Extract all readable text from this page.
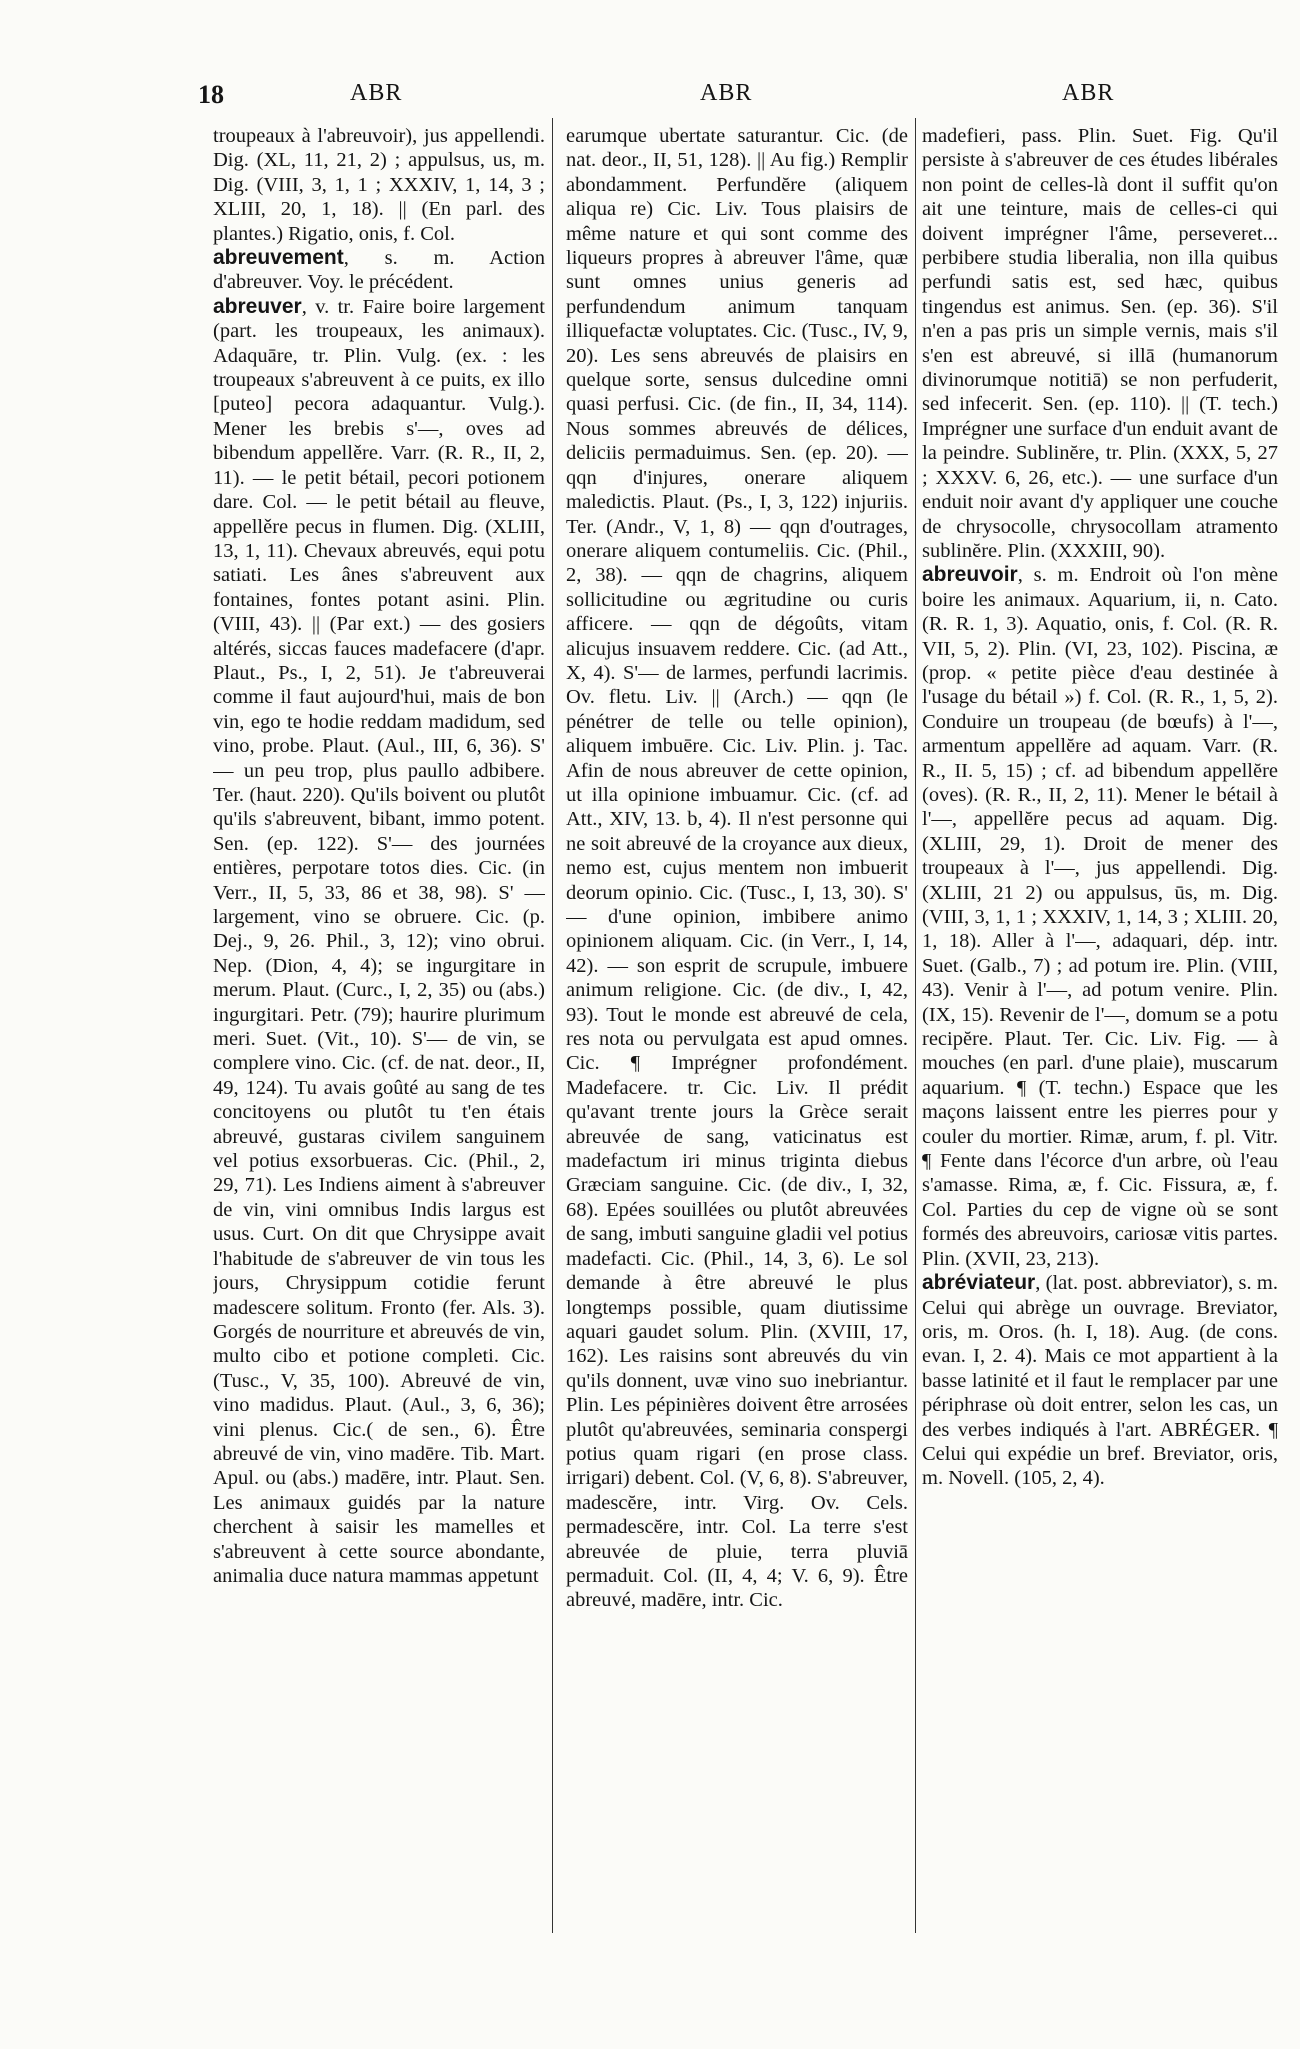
18	ABR	ABR	ABR

troupeaux à l'abreuvoir), jus appellendi. Dig. (XL, 11, 21, 2) ; appulsus, us, m. Dig. (VIII, 3, 1, 1 ; XXXIV, 1, 14, 3 ; XLIII, 20, 1, 18). || (En parl. des plantes.) Rigatio, onis, f. Col.

abreuvement, s. m. Action d'abreuver. Voy. le précédent.

abreuver, v. tr. Faire boire largement (part. les troupeaux, les animaux). Adaquāre, tr. Plin. Vulg. (ex. : les troupeaux s'abreuvent à ce puits, ex illo [puteo] pecora adaquantur. Vulg.). Mener les brebis s'—, oves ad bibendum appellěre. Varr. (R. R., II, 2, 11). — le petit bétail, pecori potionem dare. Col. — le petit bétail au fleuve, appellěre pecus in flumen. Dig. (XLIII, 13, 1, 11). Chevaux abreuvés, equi potu satiati. Les ânes s'abreuvent aux fontaines, fontes potant asini. Plin. (VIII, 43). || (Par ext.) — des gosiers altérés, siccas fauces madefacere (d'apr. Plaut., Ps., I, 2, 51). Je t'abreuverai comme il faut aujourd'hui, mais de bon vin, ego te hodie reddam madidum, sed vino, probe. Plaut. (Aul., III, 6, 36). S' — un peu trop, plus paullo adbibere. Ter. (haut. 220). Qu'ils boivent ou plutôt qu'ils s'abreuvent, bibant, immo potent. Sen. (ep. 122). S'— des journées entières, perpotare totos dies. Cic. (in Verr., II, 5, 33, 86 et 38, 98). S' — largement, vino se obruere. Cic. (p. Dej., 9, 26. Phil., 3, 12); vino obrui. Nep. (Dion, 4, 4); se ingurgitare in merum. Plaut. (Curc., I, 2, 35) ou (abs.) ingurgitari. Petr. (79); haurire plurimum meri. Suet. (Vit., 10). S'— de vin, se complere vino. Cic. (cf. de nat. deor., II, 49, 124). Tu avais goûté au sang de tes concitoyens ou plutôt tu t'en étais abreuvé, gustaras civilem sanguinem vel potius exsorbueras. Cic. (Phil., 2, 29, 71). Les Indiens aiment à s'abreuver de vin, vini omnibus Indis largus est usus. Curt. On dit que Chrysippe avait l'habitude de s'abreuver de vin tous les jours, Chrysippum cotidie ferunt madescere solitum. Fronto (fer. Als. 3). Gorgés de nourriture et abreuvés de vin, multo cibo et potione completi. Cic. (Tusc., V, 35, 100). Abreuvé de vin, vino madidus. Plaut. (Aul., 3, 6, 36); vini plenus. Cic.( de sen., 6). Être abreuvé de vin, vino madēre. Tib. Mart. Apul. ou (abs.) madēre, intr. Plaut. Sen. Les animaux guidés par la nature cherchent à saisir les mamelles et s'abreuvent à cette source abondante, animalia duce natura mammas appetunt

earumque ubertate saturantur. Cic. (de nat. deor., II, 51, 128). || Au fig.) Remplir abondamment. Perfundĕre (aliquem aliqua re) Cic. Liv. Tous plaisirs de même nature et qui sont comme des liqueurs propres à abreuver l'âme, quæ sunt omnes unius generis ad perfundendum animum tanquam illiquefactæ voluptates. Cic. (Tusc., IV, 9, 20). Les sens abreuvés de plaisirs en quelque sorte, sensus dulcedine omni quasi perfusi. Cic. (de fin., II, 34, 114). Nous sommes abreuvés de délices, deliciis permaduimus. Sen. (ep. 20). — qqn d'injures, onerare aliquem maledictis. Plaut. (Ps., I, 3, 122) injuriis. Ter. (Andr., V, 1, 8) — qqn d'outrages, onerare aliquem contumeliis. Cic. (Phil., 2, 38). — qqn de chagrins, aliquem sollicitudine ou ægritudine ou curis afficere. — qqn de dégoûts, vitam alicujus insuavem reddere. Cic. (ad Att., X, 4). S'— de larmes, perfundi lacrimis. Ov. fletu. Liv. || (Arch.) — qqn (le pénétrer de telle ou telle opinion), aliquem imbuēre. Cic. Liv. Plin. j. Tac. Afin de nous abreuver de cette opinion, ut illa opinione imbuamur. Cic. (cf. ad Att., XIV, 13. b, 4). Il n'est personne qui ne soit abreuvé de la croyance aux dieux, nemo est, cujus mentem non imbuerit deorum opinio. Cic. (Tusc., I, 13, 30). S' — d'une opinion, imbibere animo opinionem aliquam. Cic. (in Verr., I, 14, 42). — son esprit de scrupule, imbuere animum religione. Cic. (de div., I, 42, 93). Tout le monde est abreuvé de cela, res nota ou pervulgata est apud omnes. Cic. ¶ Imprégner profondément. Madefacere. tr. Cic. Liv. Il prédit qu'avant trente jours la Grèce serait abreuvée de sang, vaticinatus est madefactum iri minus triginta diebus Græciam sanguine. Cic. (de div., I, 32, 68). Epées souillées ou plutôt abreuvées de sang, imbuti sanguine gladii vel potius madefacti. Cic. (Phil., 14, 3, 6). Le sol demande à être abreuvé le plus longtemps possible, quam diutissime aquari gaudet solum. Plin. (XVIII, 17, 162). Les raisins sont abreuvés du vin qu'ils donnent, uvæ vino suo inebriantur. Plin. Les pépinières doivent être arrosées plutôt qu'abreuvées, seminaria conspergi potius quam rigari (en prose class. irrigari) debent. Col. (V, 6, 8). S'abreuver, madescĕre, intr. Virg. Ov. Cels. permadescĕre, intr. Col. La terre s'est abreuvée de pluie, terra pluviā permaduit. Col. (II, 4, 4; V. 6, 9). Être abreuvé, madēre, intr. Cic.

madefieri, pass. Plin. Suet. Fig. Qu'il persiste à s'abreuver de ces études libérales non point de celles-là dont il suffit qu'on ait une teinture, mais de celles-ci qui doivent imprégner l'âme, perseveret... perbibere studia liberalia, non illa quibus perfundi satis est, sed hæc, quibus tingendus est animus. Sen. (ep. 36). S'il n'en a pas pris un simple vernis, mais s'il s'en est abreuvé, si illā (humanorum divinorumque notitiā) se non perfuderit, sed infecerit. Sen. (ep. 110). || (T. tech.) Imprégner une surface d'un enduit avant de la peindre. Sublinĕre, tr. Plin. (XXX, 5, 27 ; XXXV. 6, 26, etc.). — une surface d'un enduit noir avant d'y appliquer une couche de chrysocolle, chrysocollam atramento sublinĕre. Plin. (XXXIII, 90).

abreuvoir, s. m. Endroit où l'on mène boire les animaux. Aquarium, ii, n. Cato. (R. R. 1, 3). Aquatio, onis, f. Col. (R. R. VII, 5, 2). Plin. (VI, 23, 102). Piscina, æ (prop. « petite pièce d'eau destinée à l'usage du bétail ») f. Col. (R. R., 1, 5, 2). Conduire un troupeau (de bœufs) à l'—, armentum appellĕre ad aquam. Varr. (R. R., II. 5, 15) ; cf. ad bibendum appellĕre (oves). (R. R., II, 2, 11). Mener le bétail à l'—, appellĕre pecus ad aquam. Dig. (XLIII, 29, 1). Droit de mener des troupeaux à l'—, jus appellendi. Dig. (XLIII, 21 2) ou appulsus, ūs, m. Dig. (VIII, 3, 1, 1 ; XXXIV, 1, 14, 3 ; XLIII. 20, 1, 18). Aller à l'—, adaquari, dép. intr. Suet. (Galb., 7) ; ad potum ire. Plin. (VIII, 43). Venir à l'—, ad potum venire. Plin. (IX, 15). Revenir de l'—, domum se a potu recipĕre. Plaut. Ter. Cic. Liv. Fig. — à mouches (en parl. d'une plaie), muscarum aquarium. ¶ (T. techn.) Espace que les maçons laissent entre les pierres pour y couler du mortier. Rimæ, arum, f. pl. Vitr. ¶ Fente dans l'écorce d'un arbre, où l'eau s'amasse. Rima, æ, f. Cic. Fissura, æ, f. Col. Parties du cep de vigne où se sont formés des abreuvoirs, cariosæ vitis partes. Plin. (XVII, 23, 213).

abréviateur, (lat. post. abbreviator), s. m. Celui qui abrège un ouvrage. Breviator, oris, m. Oros. (h. I, 18). Aug. (de cons. evan. I, 2. 4). Mais ce mot appartient à la basse latinité et il faut le remplacer par une périphrase où doit entrer, selon les cas, un des verbes indiqués à l'art. ABRÉGER. ¶ Celui qui expédie un bref. Breviator, oris, m. Novell. (105, 2, 4).
